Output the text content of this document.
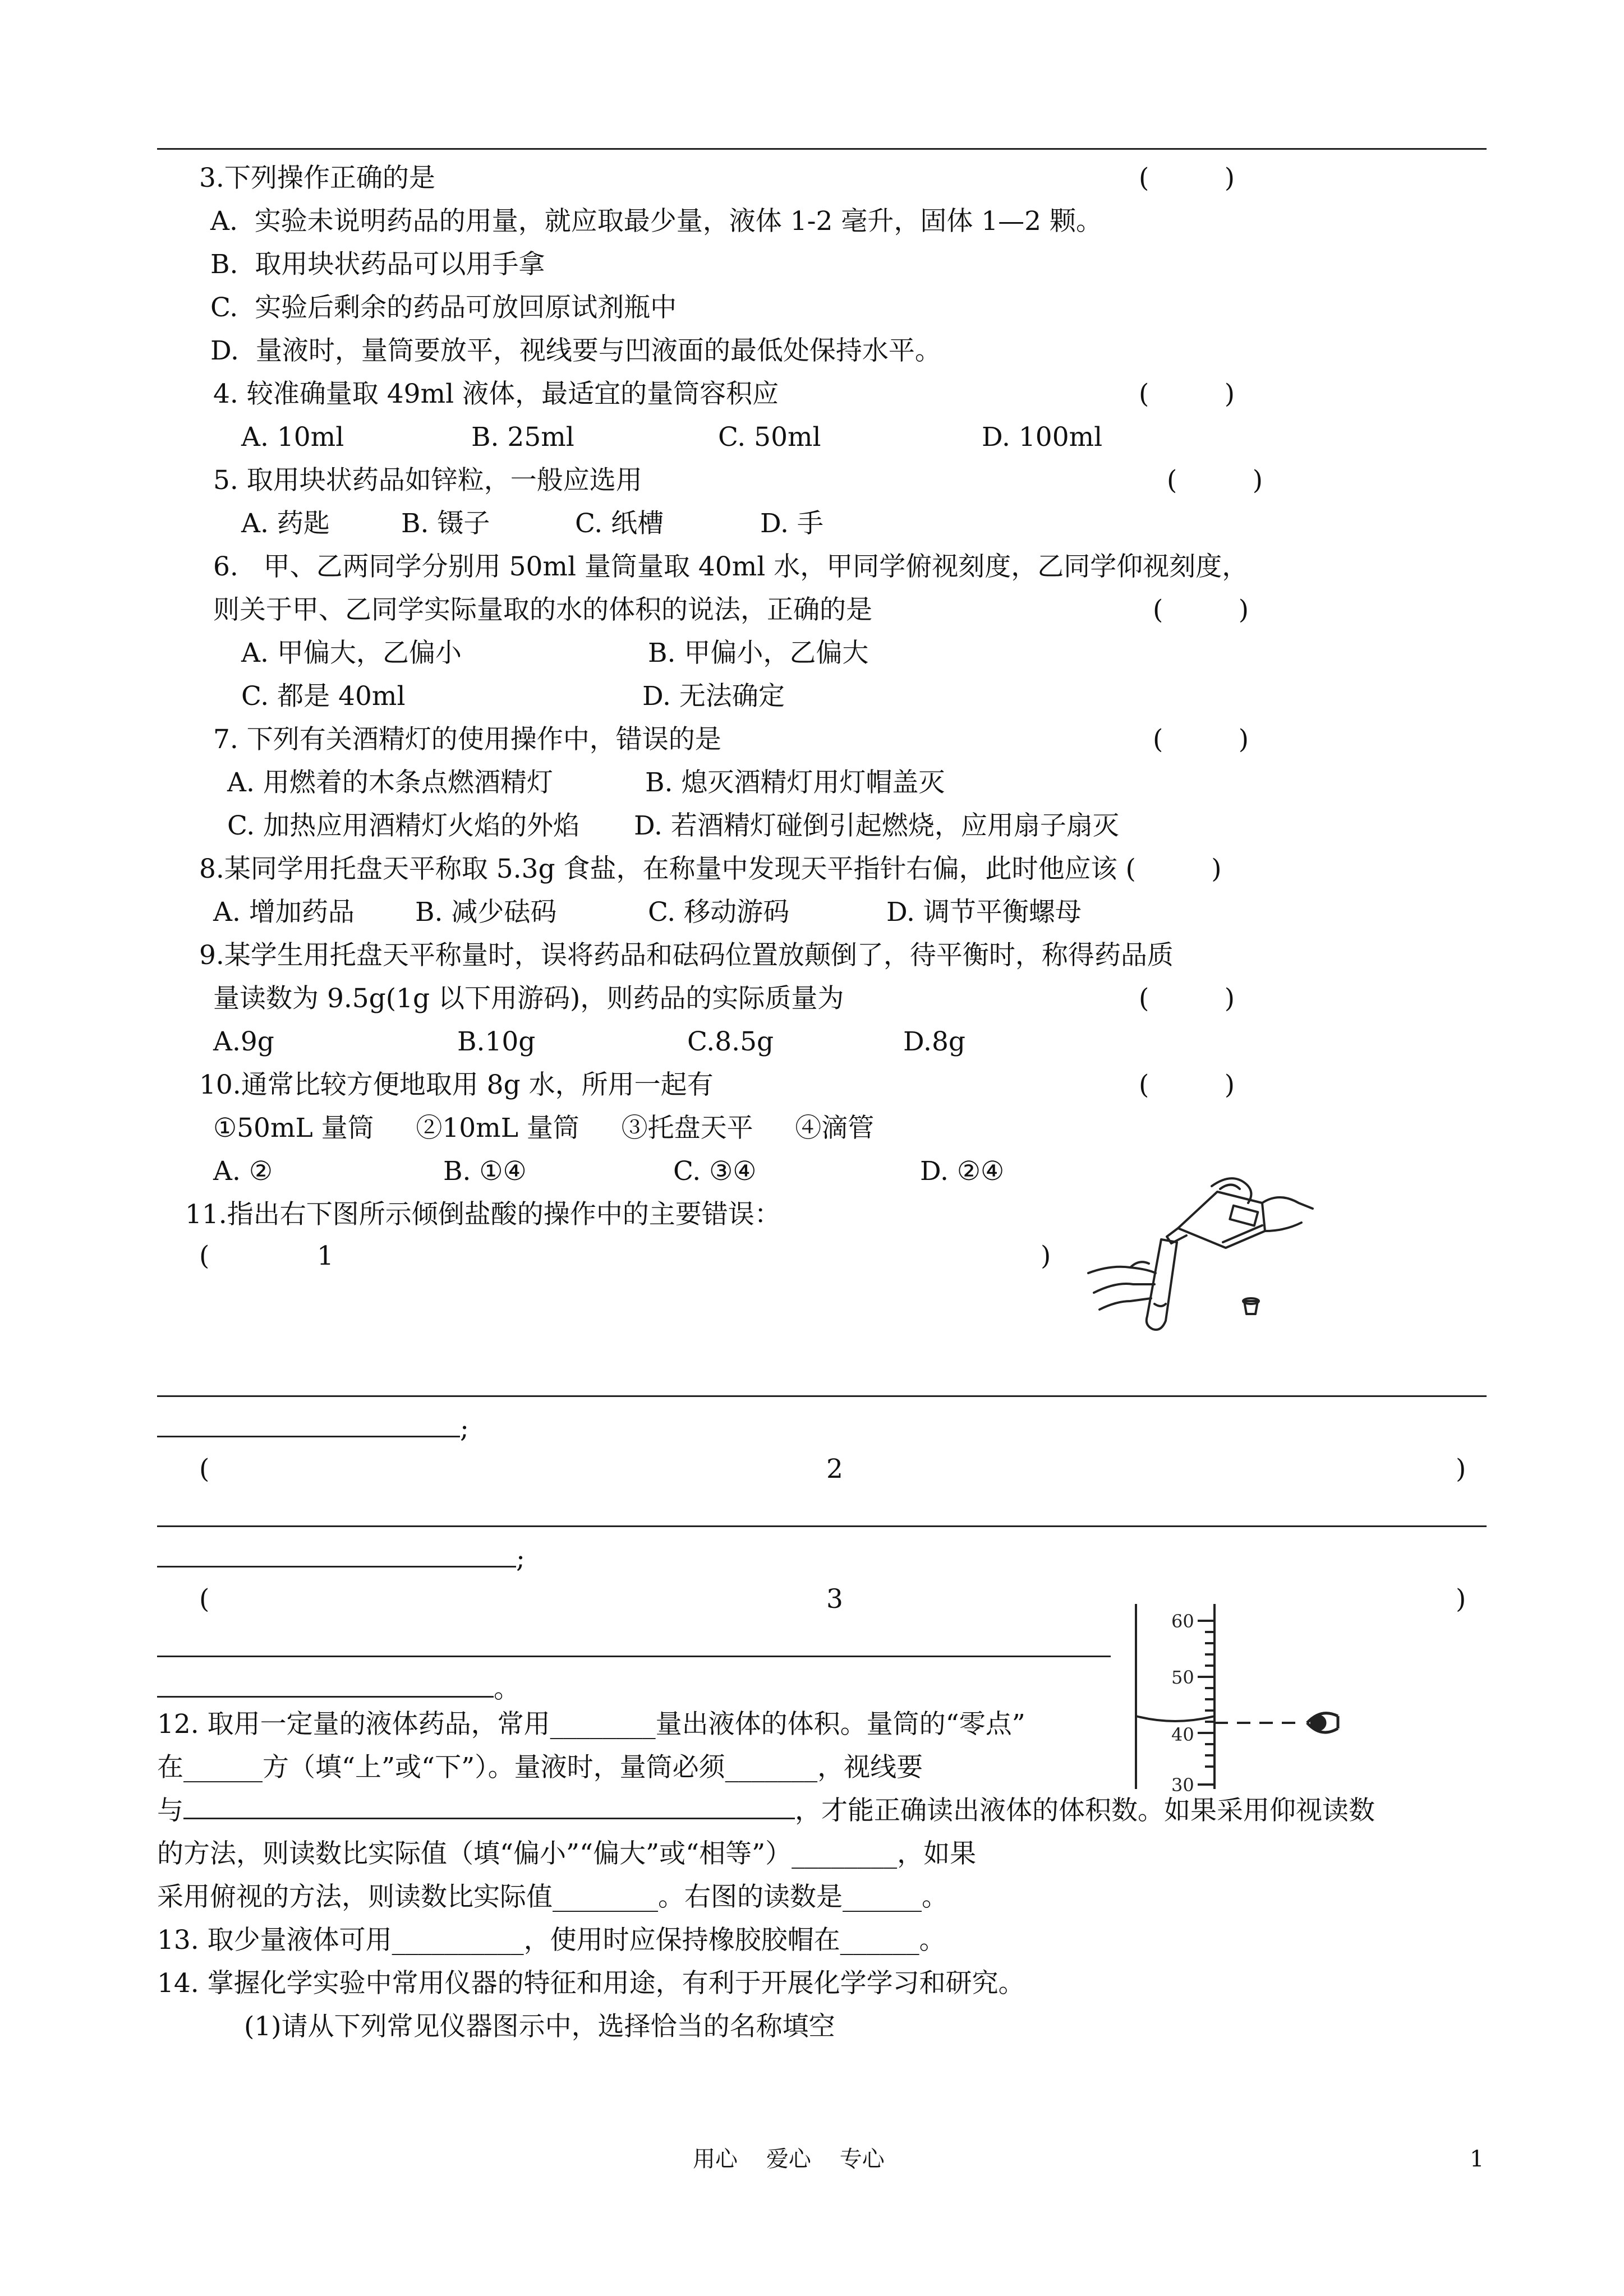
3.下列操作正确的是	(         )
A.  实验未说明药品的用量，就应取最少量，液体 1-2 毫升，固体 1—2 颗。
B.  取用块状药品可以用手拿
C.  实验后剩余的药品可放回原试剂瓶中
D.  量液时，量筒要放平，视线要与凹液面的最低处保持水平。
4. 较准确量取 49ml 液体，最适宜的量筒容积应	(         )
A. 10ml	B. 25ml	C. 50ml	D. 100ml
5. 取用块状药品如锌粒，一般应选用	(         )
A. 药匙	B. 镊子	C. 纸槽	D. 手
6.   甲、乙两同学分别用 50ml 量筒量取 40ml 水，甲同学俯视刻度，乙同学仰视刻度，
则关于甲、乙同学实际量取的水的体积的说法，正确的是	(         )
A. 甲偏大，乙偏小	B. 甲偏小，乙偏大
C. 都是 40ml	D. 无法确定
7. 下列有关酒精灯的使用操作中，错误的是	(         )
A. 用燃着的木条点燃酒精灯	B. 熄灭酒精灯用灯帽盖灭
C. 加热应用酒精灯火焰的外焰 D. 若酒精灯碰倒引起燃烧，应用扇子扇灭
8.某同学用托盘天平称取 5.3g 食盐，在称量中发现天平指针右偏，此时他应该 (         )
A. 增加药品 B. 减少砝码	C. 移动游码	D. 调节平衡螺母
9.某学生用托盘天平称量时，误将药品和砝码位置放颠倒了，待平衡时，称得药品质
量读数为 9.5g(1g 以下用游码)，则药品的实际质量为	(         )
A.9g	B.10g	C.8.5g	D.8g
10.通常比较方便地取用 8g 水，所用一起有	(         )
①50mL 量筒     ②10mL 量筒     ③托盘天平     ④滴管
A. ②	B. ①④	C. ③④	D. ②④
11.指出右下图所示倾倒盐酸的操作中的主要错误：
(	1	)
;
(	2	)
;
(	3	)
。
60
50
40
30
12. 取用一定量的液体药品，常用________量出液体的体积。量筒的“零点”
在______方（填“上”或“下”）。量液时，量筒必须_______，视线要
与	，才能正确读出液体的体积数。如果采用仰视读数
的方法，则读数比实际值（填“偏小”“偏大”或“相等”）________，如果
采用俯视的方法，则读数比实际值________。右图的读数是______。
13. 取少量液体可用__________，使用时应保持橡胶胶帽在______。
14. 掌握化学实验中常用仪器的特征和用途，有利于开展化学学习和研究。
(1)请从下列常见仪器图示中，选择恰当的名称填空
用心    爱心    专心	1
